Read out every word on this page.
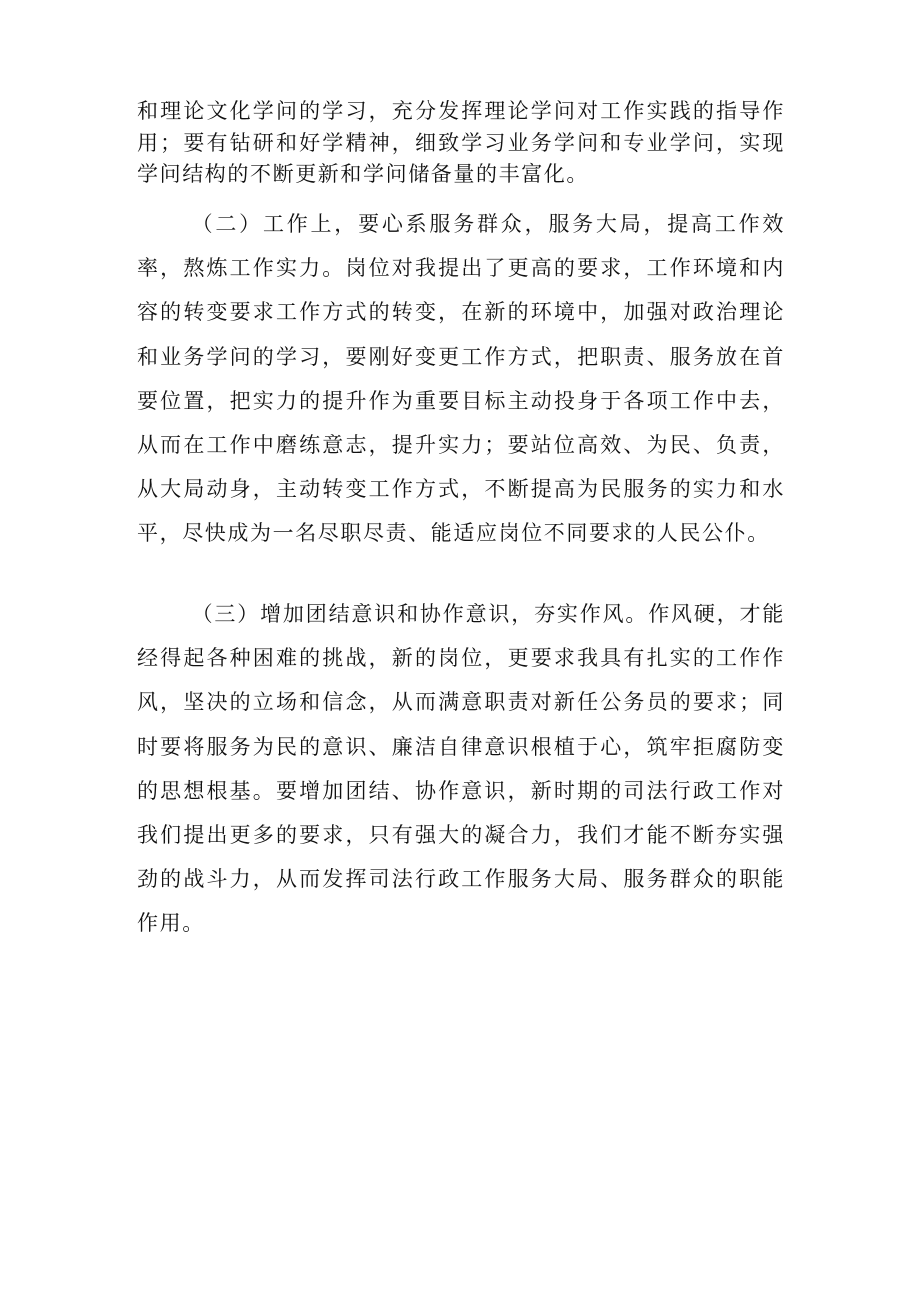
和理论文化学问的学习，充分发挥理论学问对工作实践的指导作用；要有钻研和好学精神，细致学习业务学问和专业学问，实现学问结构的不断更新和学问储备量的丰富化。

（二）工作上，要心系服务群众，服务大局，提高工作效率，熬炼工作实力。岗位对我提出了更高的要求，工作环境和内容的转变要求工作方式的转变，在新的环境中，加强对政治理论和业务学问的学习，要刚好变更工作方式，把职责、服务放在首要位置，把实力的提升作为重要目标主动投身于各项工作中去，从而在工作中磨练意志，提升实力；要站位高效、为民、负责，从大局动身，主动转变工作方式，不断提高为民服务的实力和水平，尽快成为一名尽职尽责、能适应岗位不同要求的人民公仆。

（三）增加团结意识和协作意识，夯实作风。作风硬，才能经得起各种困难的挑战，新的岗位，更要求我具有扎实的工作作风，坚决的立场和信念，从而满意职责对新任公务员的要求；同时要将服务为民的意识、廉洁自律意识根植于心，筑牢拒腐防变的思想根基。要增加团结、协作意识，新时期的司法行政工作对我们提出更多的要求，只有强大的凝合力，我们才能不断夯实强劲的战斗力，从而发挥司法行政工作服务大局、服务群众的职能作用。
